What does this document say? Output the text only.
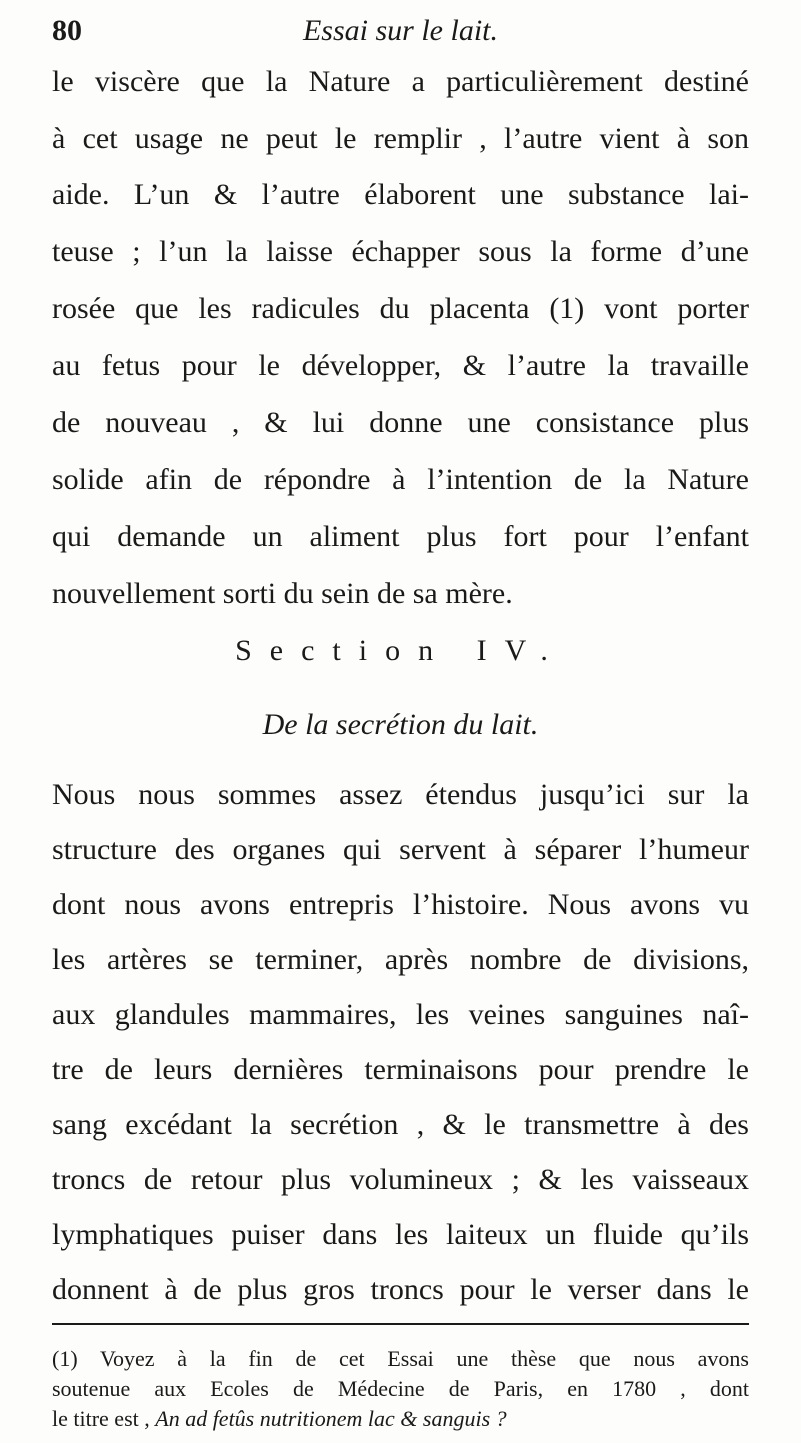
80	Essai sur le lait.
le viscère que la Nature a particulièrement destiné
à cet usage ne peut le remplir , l’autre vient à son
aide. L’un & l’autre élaborent une substance lai-
teuse ; l’un la laisse échapper sous la forme d’une
rosée que les radicules du placenta (1) vont porter
au fetus pour le développer, & l’autre la travaille
de nouveau , & lui donne une consistance plus
solide afin de répondre à l’intention de la Nature
qui demande un aliment plus fort pour l’enfant
nouvellement sorti du sein de sa mère.
Section IV.
De la secrétion du lait.
Nous nous sommes assez étendus jusqu’ici sur la
structure des organes qui servent à séparer l’humeur
dont nous avons entrepris l’histoire. Nous avons vu
les artères se terminer, après nombre de divisions,
aux glandules mammaires, les veines sanguines naî-
tre de leurs dernières terminaisons pour prendre le
sang excédant la secrétion , & le transmettre à des
troncs de retour plus volumineux ; & les vaisseaux
lymphatiques puiser dans les laiteux un fluide qu’ils
donnent à de plus gros troncs pour le verser dans le
(1) Voyez à la fin de cet Essai une thèse que nous avons
soutenue aux Ecoles de Médecine de Paris, en 1780 , dont
le titre est , An ad fetûs nutritionem lac & sanguis ?
